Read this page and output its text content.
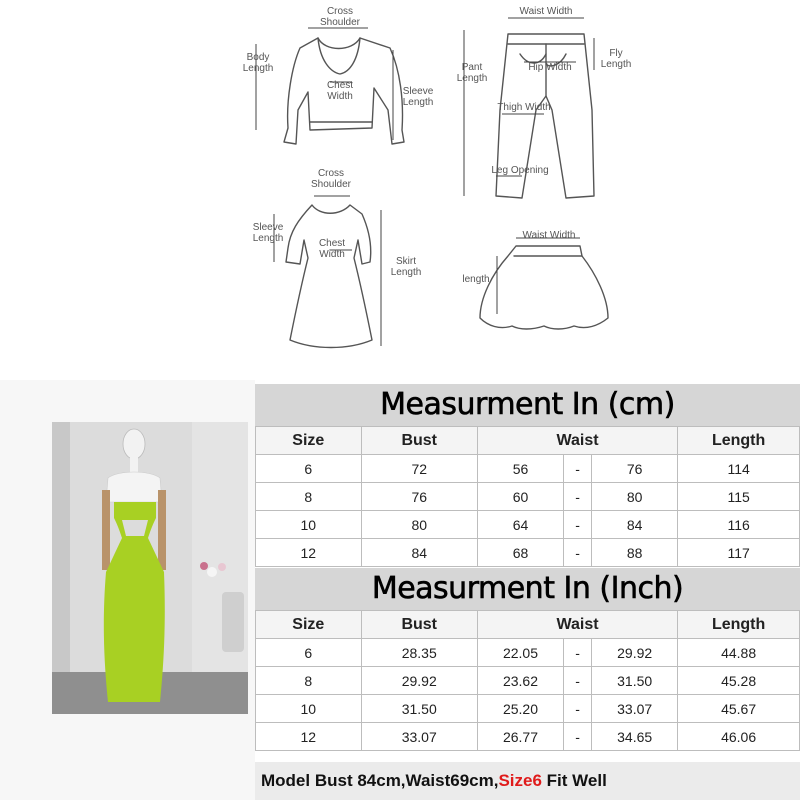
Cross
Shoulder
Body
Length
Chest
Width	Sleeve
Length
Waist Width
Pant
Length
Hip Width
Fly
Length
Thigh Width
Leg Opening
Cross
Shoulder
Sleeve
Length	Chest
Width
Skirt
Length
Waist Width
length
Measurment In (cm)
Size	Bust	Waist			Length
6	72	56	-	76	114
8	76	60	-	80	115
10	80	64	-	84	116
12	84	68	-	88	117
Measurment In (Inch)
Size	Bust	Waist			Length
6	28.35	22.05	-	29.92	44.88
8	29.92	23.62	-	31.50	45.28
10	31.50	25.20	-	33.07	45.67
12	33.07	26.77	-	34.65	46.06
Model Bust 84cm,Waist69cm,Size6 Fit Well
